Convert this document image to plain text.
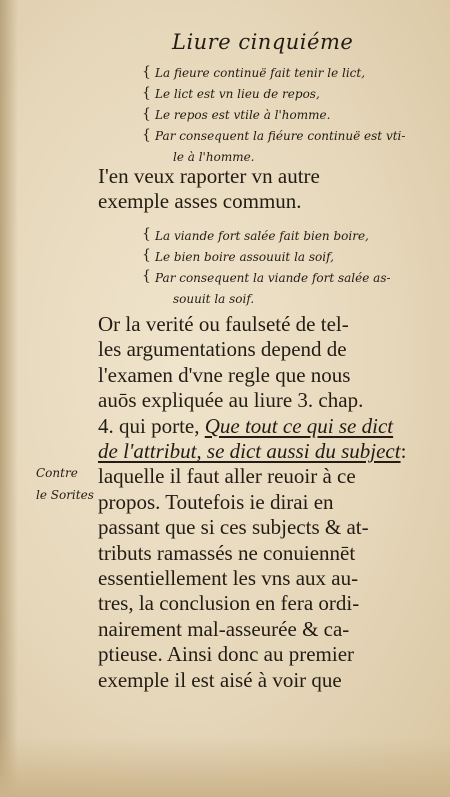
Liure cinquiéme
{
{
{
{
La fieure continuë fait tenir le lict,
Le lict est vn lieu de repos,
Le repos est vtile à l'homme.
Par consequent la fiéure continuë est vti-
le à l'homme.
I'en veux raporter vn autre
exemple asses commun.
{
{
{
La viande fort salée fait bien boire,
Le bien boire assouuit la soif,
Par consequent la viande fort salée as-
souuit la soif.
Or la verité ou faulseté de tel-
les argumentations depend de
l'examen d'vne regle que nous
auōs expliquée au liure 3. chap.
4. qui porte, Que tout ce qui se dict
de l'attribut, se dict aussi du subject:
laquelle il faut aller reuoir à ce
propos. Toutefois ie dirai en
passant que si ces subjects & at-
tributs ramassés ne conuiennēt
essentiellement les vns aux au-
tres, la conclusion en fera ordi-
nairement mal-asseurée & ca-
ptieuse. Ainsi donc au premier
exemple il est aisé à voir que
Contre
le Sorites
